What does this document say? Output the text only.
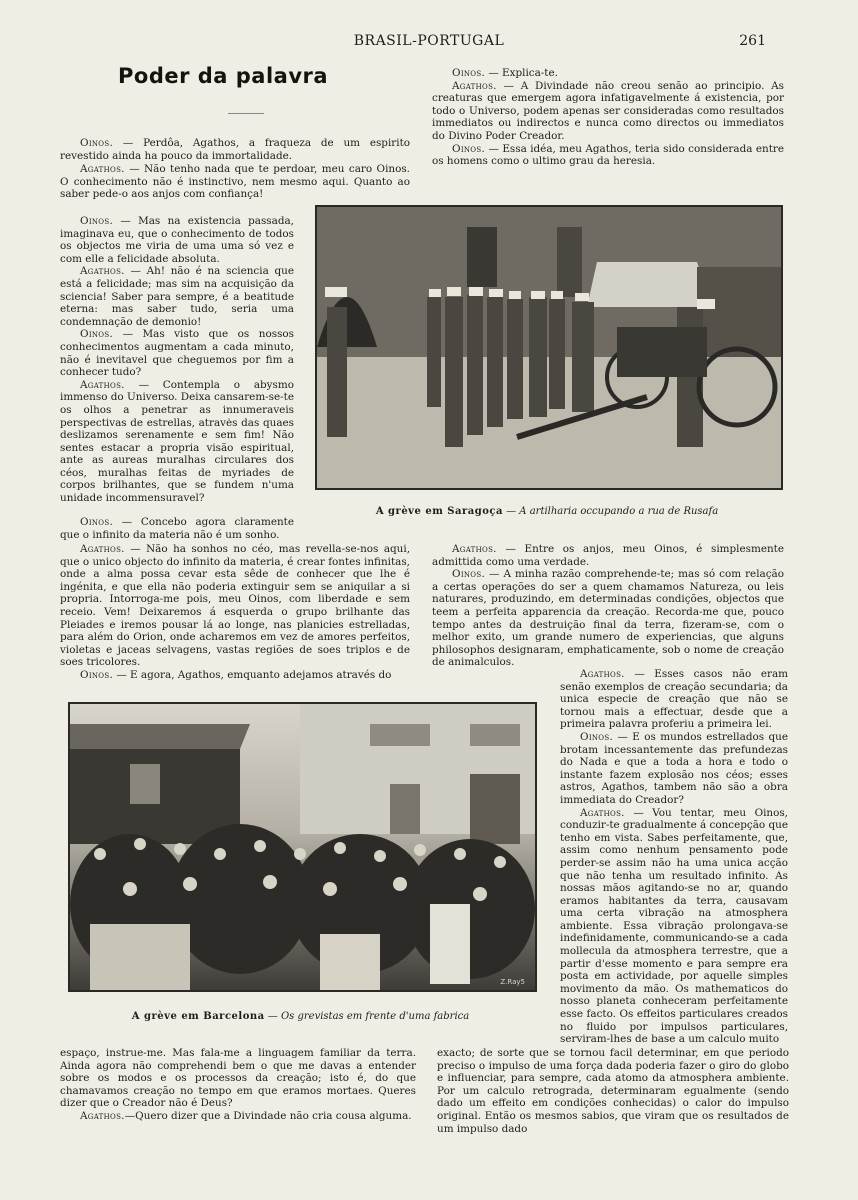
BRASIL-PORTUGAL	261
Poder da palavra

Oinos. — Perdôa, Agathos, a fraqueza de um espirito revestido ainda ha pouco da immortalidade.

Agathos. — Não tenho nada que te perdoar, meu caro Oinos. O conhecimento não é instinctivo, nem mesmo aqui. Quanto ao saber pede-o aos anjos com confiança!

Oinos. — Mas na existencia passada, imaginava eu, que o conhecimento de todos os objectos me viria de uma uma só vez e com elle a felicidade absoluta.

Agathos. — Ah! não é na sciencia que está a felicidade; mas sim na acquisição da sciencia! Saber para sempre, é a beatitude eterna: mas saber tudo, seria uma condemnação de demonio!

Oinos. — Mas visto que os nossos conhecimentos augmentam a cada minuto, não é inevitavel que cheguemos por fim a conhecer tudo?

Agathos. — Contempla o abysmo immenso do Universo. Deixa cansarem-se-te os olhos a penetrar as innumeraveis perspectivas de estrellas, atravės das quaes deslizamos serenamente e sem fim! Não sentes estacar a propria visão espiritual, ante as aureas muralhas circulares dos céos, muralhas feitas de myriades de corpos brilhantes, que se fundem n'uma unidade incommensuravel?

Oinos. — Concebo agora claramente que o infinito da materia não é um sonho.

Agathos. — Não ha sonhos no céo, mas revella-se-nos aqui, que o unico objecto do infinito da materia, é crear fontes infinitas, onde a alma possa cevar esta sêde de conhecer que lhe é ingénita, e que ella não poderia extinguir sem se aniquilar a si propria. Intorroga-me pois, meu Oinos, com liberdade e sem receio. Vem! Deixaremos á esquerda o grupo brilhante das Pleiades e iremos pousar lá ao longe, nas planicies estrelladas, para além do Orion, onde acharemos em vez de amores perfeitos, violetas e jaceas selvagens, vastas regiões de soes triplos e de soes tricolores.

Oinos. — E agora, Agathos, emquanto adejamos através do

Oinos. — Explica-te.

Agathos. — A Divindade não creou senão ao principio. As creaturas que emergem agora infatigavelmente á existencia, por todo o Universo, podem apenas ser consideradas como resultados immediatos ou indirectos e nunca como directos ou immediatos do Divino Poder Creador.

Oinos. — Essa idéa, meu Agathos, teria sido considerada entre os homens como o ultimo grau da heresia.

A grève em Saragoça — A artilharia occupando a rua de Rusafa

Agathos. — Entre os anjos, meu Oinos, é simplesmente admittida como uma verdade.

Oinos. — A minha razão comprehende-te; mas só com relação a certas operações do ser a quem chamamos Natureza, ou leis naturares, produzindo, em determinadas condições, objectos que teem a perfeita apparencia da creação. Recorda-me que, pouco tempo antes da destruição final da terra, fizeram-se, com o melhor exito, um grande numero de experiencias, que alguns philosophos designaram, emphaticamente, sob o nome de creação de animalculos.

Agathos. — Esses casos não eram senão exemplos de creação secundaria; da unica especie de creação que não se tornou mais a effectuar, desde que a primeira palavra proferiu a primeira lei.

Oinos. — E os mundos estrellados que brotam incessantemente das prefundezas do Nada e que a toda a hora e todo o instante fazem explosão nos céos; esses astros, Agathos, tambem não são a obra immediata do Creador?

Agathos. — Vou tentar, meu Oinos, conduzir-te gradualmente á concepção que tenho em vista. Sabes perfeitamente, que, assim como nenhum pensamento pode perder-se assim não ha uma unica acção que não tenha um resultado infinito. As nossas mãos agitando-se no ar, quando eramos habitantes da terra, causavam uma certa vibração na atmosphera ambiente. Essa vibração prolongava-se indefinidamente, communicando-se a cada mollecula da atmosphera terrestre, que a partir d'esse momento e para sempre era posta em actividade, por aquelle simples movimento da mão. Os mathematicos do nosso planeta conheceram perfeitamente esse facto. Os effeitos particulares creados no fluido por impulsos particulares, serviram-lhes de base a um calculo muito

Z.Ray5
A grève em Barcelona — Os grevistas em frente d'uma fabrica

espaço, instrue-me. Mas fala-me a linguagem familiar da terra. Ainda agora não comprehendi bem o que me davas a entender sobre os modos e os processos da creação; isto é, do que chamavamos creação no tempo em que eramos mortaes. Queres dizer que o Creador não é Deus?

Agathos.—Quero dizer que a Divindade não cria cousa alguma.

exacto; de sorte que se tornou facil determinar, em que periodo preciso o impulso de uma força dada poderia fazer o giro do globo e influenciar, para sempre, cada atomo da atmosphera ambiente. Por um calculo retrograda, determinaram egualmente (sendo dado um effeito em condições conhecidas) o calor do impulso original. Então os mesmos sabios, que viram que os resultados de um impulso dado
